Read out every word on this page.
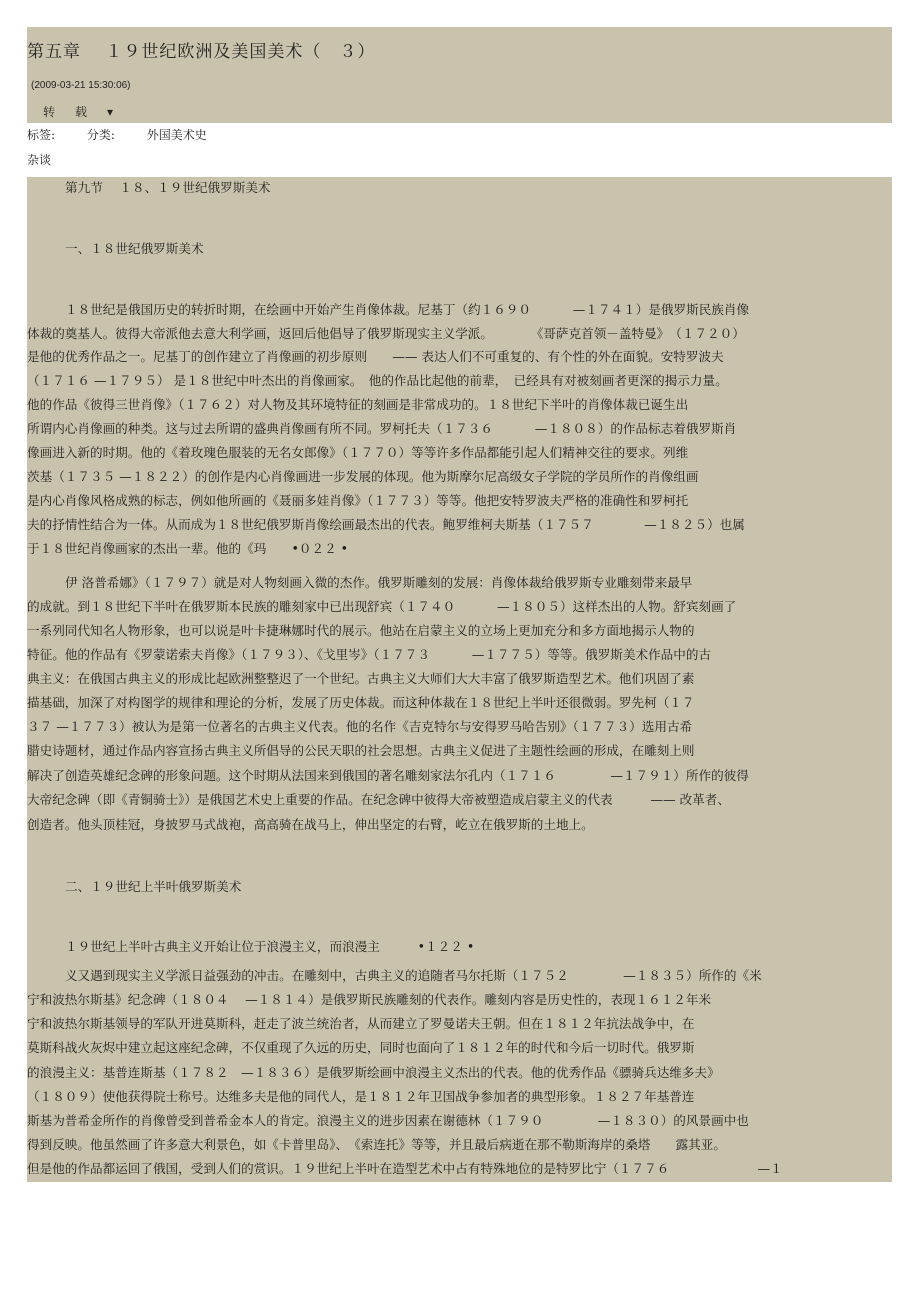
第五章　 １９世纪欧洲及美国美术（　３）
(2009-03-21 15:30:06)
转　载　▾
标签:	分类:	外国美术史
杂谈
第九节　 １８、１９世纪俄罗斯美术
一、１８世纪俄罗斯美术
１８世纪是俄国历史的转折时期，在绘画中开始产生肖像体裁。尼基丁（约１６９０　　　 —１７４１）是俄罗斯民族肖像
体裁的奠基人。彼得大帝派他去意大利学画，返回后他倡导了俄罗斯现实主义学派。　　　　《哥萨克首领－盖特曼》　（１７２０）
是他的优秀作品之一。尼基丁的创作建立了肖像画的初步原则　　—— 表达人们不可重复的、有个性的外在面貌。安特罗波夫
（１７１６ —１７９５） 是１８世纪中叶杰出的肖像画家。　他的作品比起他的前辈，　已经具有对被刻画者更深的揭示力量。
他的作品《彼得三世肖像》（１７６２）对人物及其环境特征的刻画是非常成功的。１８世纪下半叶的肖像体裁已诞生出
所谓内心肖像画的种类。这与过去所谓的盛典肖像画有所不同。罗柯托夫（１７３６　　　 —１８０８）的作品标志着俄罗斯肖
像画进入新的时期。他的《着玫瑰色服装的无名女郎像》（１７７０）等等许多作品都能引起人们精神交往的要求。列维
茨基（１７３５ —１８２２）的创作是内心肖像画进一步发展的体现。他为斯摩尔尼高级女子学院的学员所作的肖像组画
是内心肖像风格成熟的标志，例如他所画的《聂丽多娃肖像》（１７７３）等等。他把安特罗波夫严格的准确性和罗柯托
夫的抒情性结合为一体。从而成为１８世纪俄罗斯肖像绘画最杰出的代表。鲍罗维柯夫斯基（１７５７　　　　—１８２５）也属
于１８世纪肖像画家的杰出一辈。他的《玛　　•０２２ •
伊 洛普希娜》（１７９７）就是对人物刻画入微的杰作。俄罗斯雕刻的发展：肖像体裁给俄罗斯专业雕刻带来最早
的成就。到１８世纪下半叶在俄罗斯本民族的雕刻家中已出现舒宾（１７４０　　　 —１８０５）这样杰出的人物。舒宾刻画了
一系列同代知名人物形象，也可以说是叶卡捷琳娜时代的展示。他站在启蒙主义的立场上更加充分和多方面地揭示人物的
特征。他的作品有《罗蒙诺索夫肖像》（１７９３）、《戈里岑》（１７７３　　　 —１７７５）等等。俄罗斯美术作品中的古
典主义：在俄国古典主义的形成比起欧洲整整迟了一个世纪。古典主义大师们大大丰富了俄罗斯造型艺术。他们巩固了素
描基础，加深了对构图学的规律和理论的分析，发展了历史体裁。而这种体裁在１８世纪上半叶还很微弱。罗先柯（１７
３７ —１７７３）被认为是第一位著名的古典主义代表。他的名作《吉克特尔与安得罗马哈告别》（１７７３）选用古希
腊史诗题材，通过作品内容宣扬古典主义所倡导的公民天职的社会思想。古典主义促进了主题性绘画的形成，在雕刻上则
解决了创造英雄纪念碑的形象问题。这个时期从法国来到俄国的著名雕刻家法尔孔内（１７１６　　　　 —１７９１）所作的彼得
大帝纪念碑（即《青铜骑士》）是俄国艺术史上重要的作品。在纪念碑中彼得大帝被塑造成启蒙主义的代表　　　—— 改革者、
创造者。他头顶桂冠，身披罗马式战袍，高高骑在战马上，伸出坚定的右臂，屹立在俄罗斯的土地上。
二、１９世纪上半叶俄罗斯美术
１９世纪上半叶古典主义开始让位于浪漫主义，而浪漫主　　　•１２２ •
义又遇到现实主义学派日益强劲的冲击。在雕刻中，古典主义的追随者马尔托斯（１７５２　　　　 —１８３５）所作的《米
宁和波热尔斯基》纪念碑（１８０４　 —１８１４）是俄罗斯民族雕刻的代表作。雕刻内容是历史性的，表现１６１２年米
宁和波热尔斯基领导的军队开进莫斯科，赶走了波兰统治者，从而建立了罗曼诺夫王朝。但在１８１２年抗法战争中，在
莫斯科战火灰烬中建立起这座纪念碑，不仅重现了久远的历史，同时也面向了１８１２年的时代和今后一切时代。俄罗斯
的浪漫主义：基普连斯基（１７８２　—１８３６）是俄罗斯绘画中浪漫主义杰出的代表。他的优秀作品《骠骑兵达维多夫》
（１８０９）使他获得院士称号。达维多夫是他的同代人，是１８１２年卫国战争参加者的典型形象。１８２７年基普连
斯基为普希金所作的肖像曾受到普希金本人的肯定。浪漫主义的进步因素在谢德林（１７９０　　　　 —１８３０）的风景画中也
得到反映。他虽然画了许多意大利景色，如《卡普里岛》、　《索连托》等等，并且最后病逝在那不勒斯海岸的桑塔　　露其亚。
但是他的作品都运回了俄国，受到人们的赏识。１９世纪上半叶在造型艺术中占有特殊地位的是特罗比宁（１７７６　　　　　　　—１
